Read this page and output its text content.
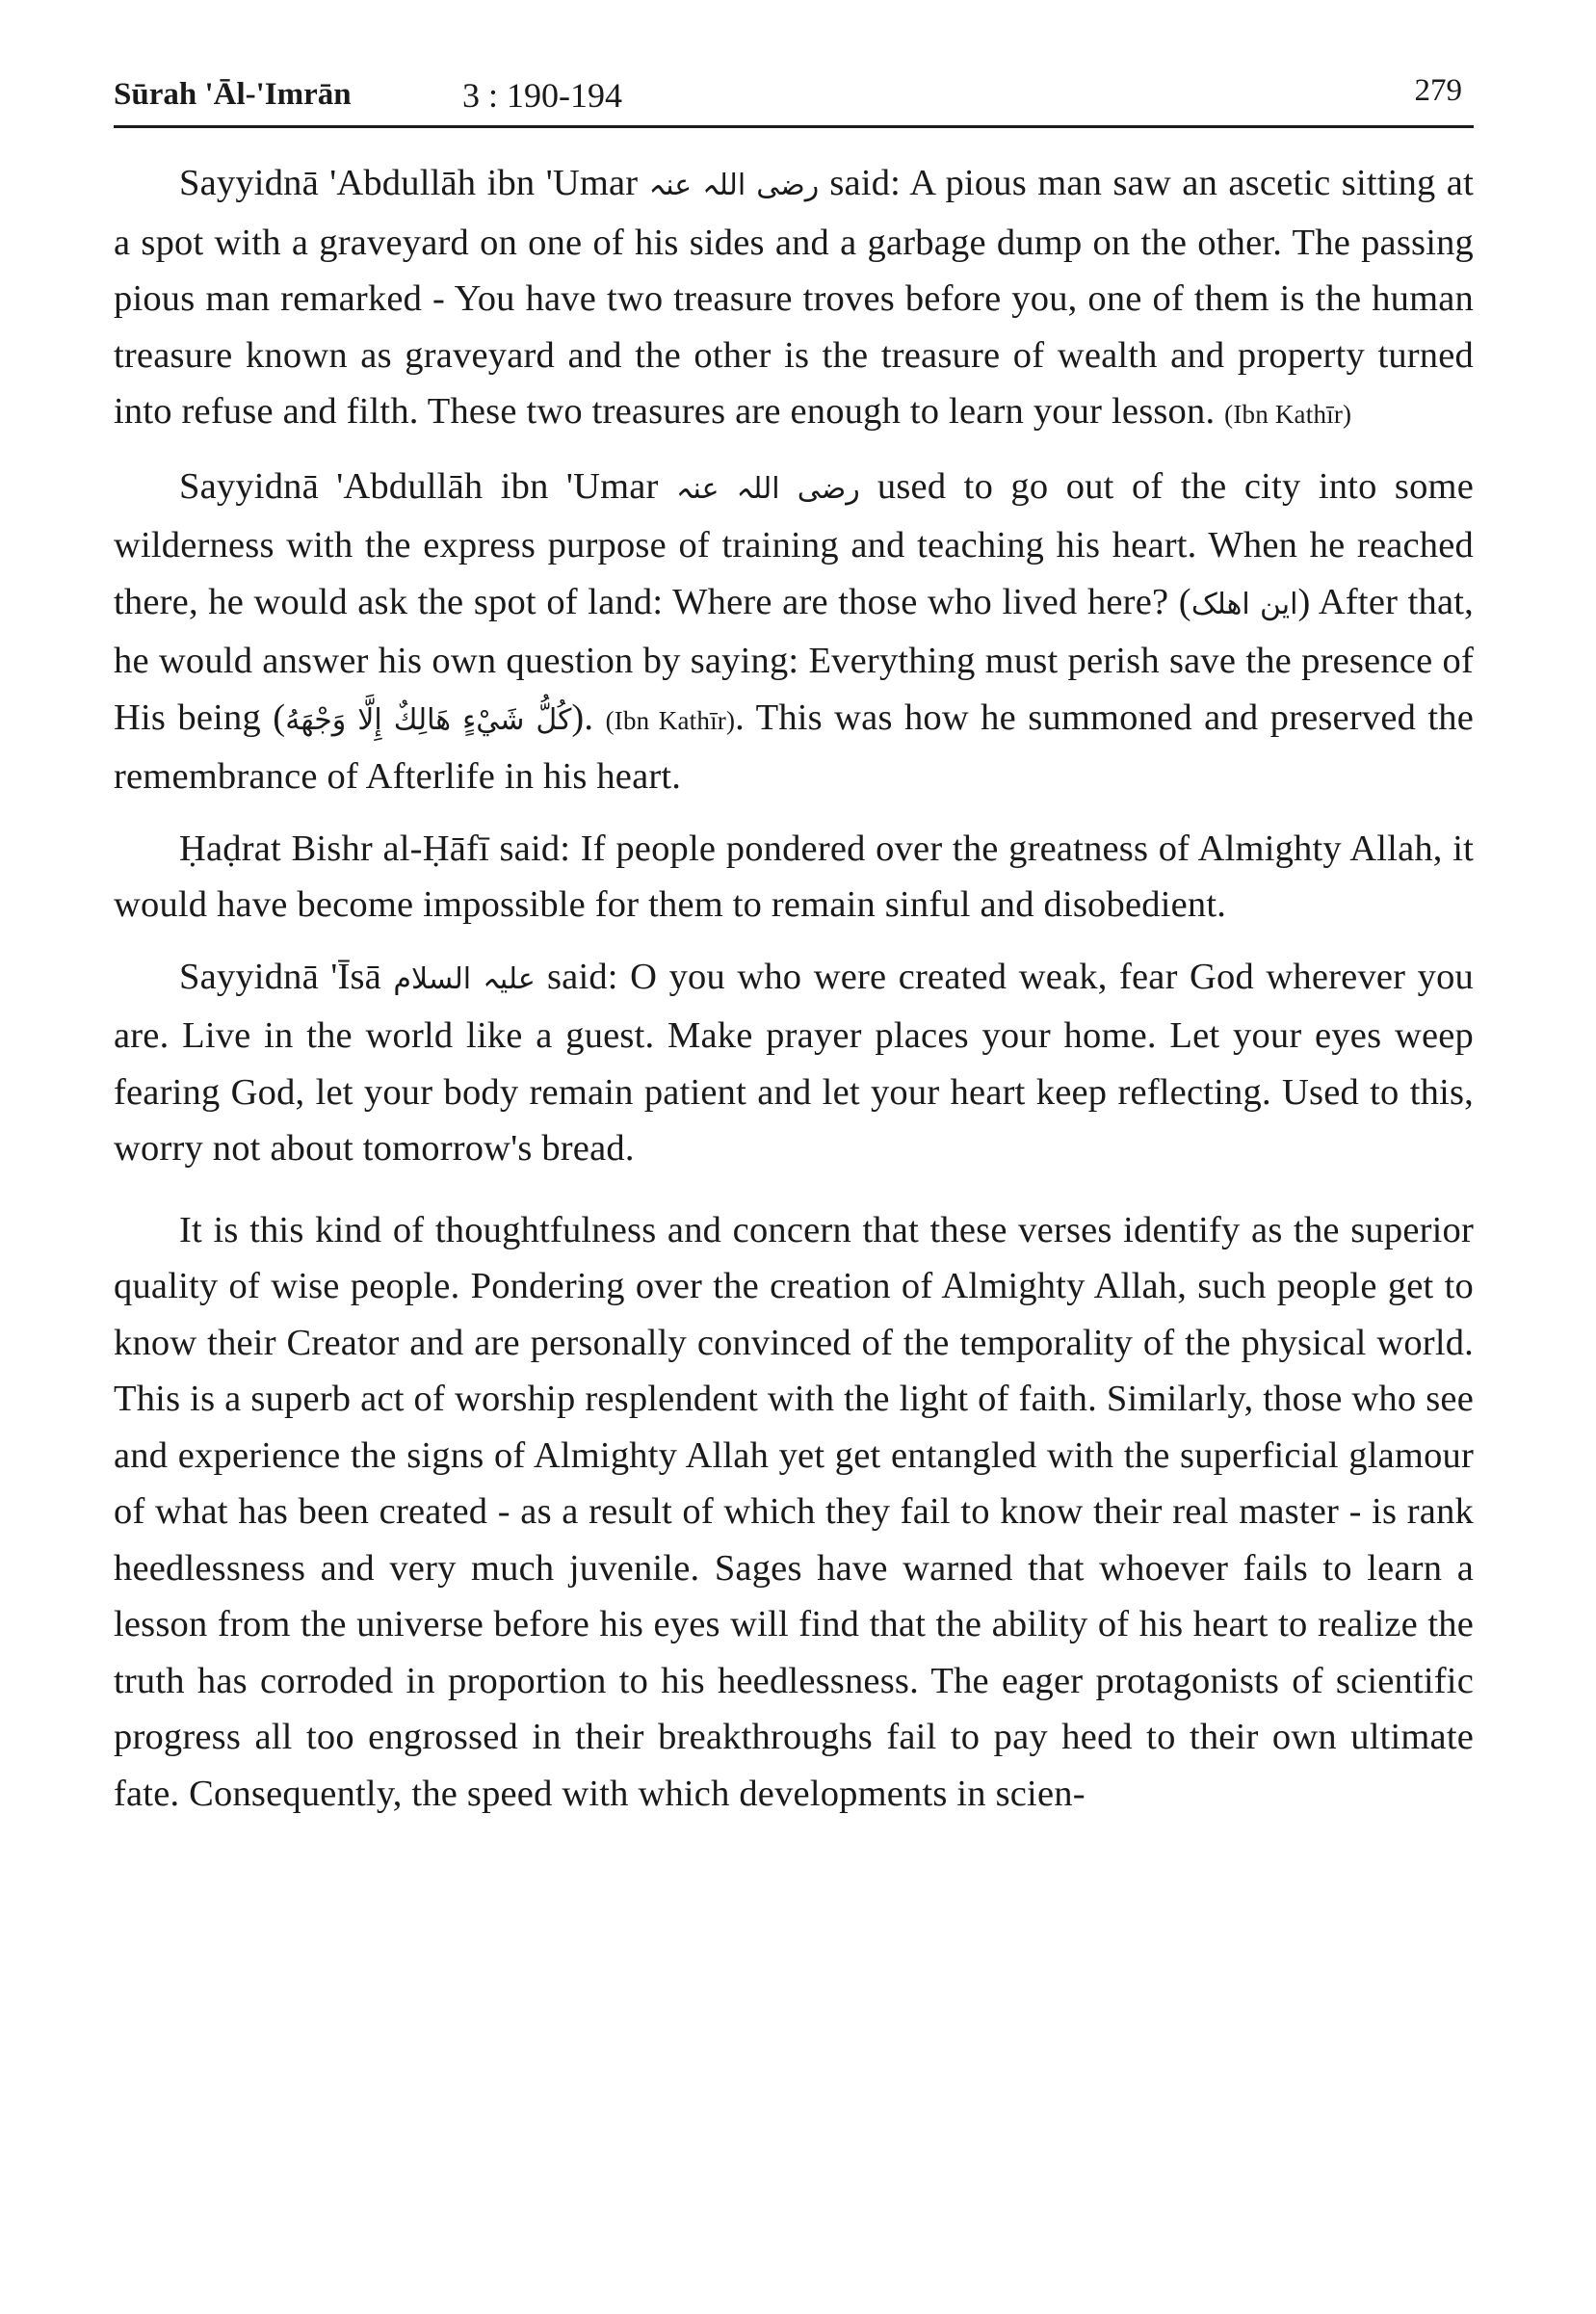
Sūrah 'Āl-'Imrān	3 : 190-194	279

Sayyidnā 'Abdullāh ibn 'Umar رضی اللہ عنہ said: A pious man saw an ascetic sitting at a spot with a graveyard on one of his sides and a garbage dump on the other. The passing pious man remarked - You have two treasure troves before you, one of them is the human treasure known as graveyard and the other is the treasure of wealth and property turned into refuse and filth. These two treasures are enough to learn your lesson. (Ibn Kathīr)

Sayyidnā 'Abdullāh ibn 'Umar رضی اللہ عنہ used to go out of the city into some wilderness with the express purpose of training and teaching his heart. When he reached there, he would ask the spot of land: Where are those who lived here? (این اھلک) After that, he would answer his own question by saying: Everything must perish save the presence of His being (كُلُّ شَيْءٍ هَالِكٌ إِلَّا وَجْهَهُ). (Ibn Kathīr). This was how he summoned and preserved the remembrance of Afterlife in his heart.

Ḥaḍrat Bishr al-Ḥāfī said: If people pondered over the greatness of Almighty Allah, it would have become impossible for them to remain sinful and disobedient.

Sayyidnā 'Īsā علیہ السلام said: O you who were created weak, fear God wherever you are. Live in the world like a guest. Make prayer places your home. Let your eyes weep fearing God, let your body remain patient and let your heart keep reflecting. Used to this, worry not about tomorrow's bread.

It is this kind of thoughtfulness and concern that these verses identify as the superior quality of wise people. Pondering over the creation of Almighty Allah, such people get to know their Creator and are personally convinced of the temporality of the physical world. This is a superb act of worship resplendent with the light of faith. Similarly, those who see and experience the signs of Almighty Allah yet get entangled with the superficial glamour of what has been created - as a result of which they fail to know their real master - is rank heedlessness and very much juvenile. Sages have warned that whoever fails to learn a lesson from the universe before his eyes will find that the ability of his heart to realize the truth has corroded in proportion to his heedlessness. The eager protagonists of scientific progress all too engrossed in their breakthroughs fail to pay heed to their own ultimate fate. Consequently, the speed with which developments in scien-
